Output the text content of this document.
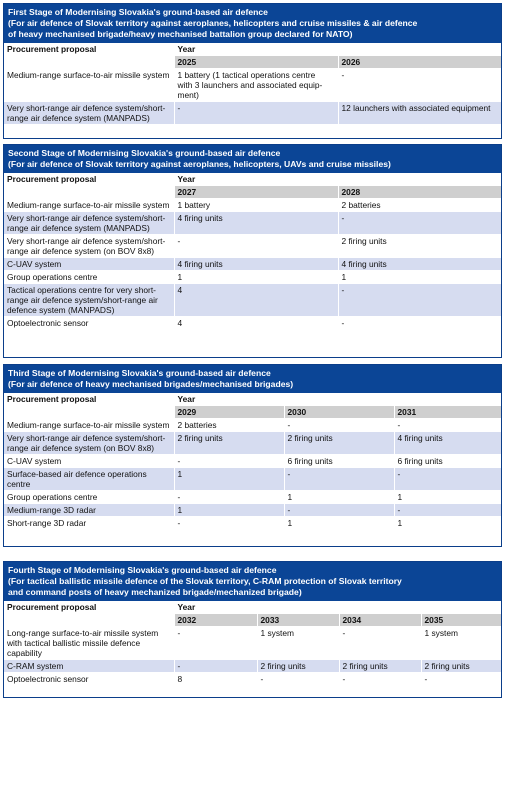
First Stage of Modernising Slovakia's ground-based air defence
(For air defence of Slovak territory against aeroplanes, helicopters and cruise missiles & air defence
of heavy mechanised brigade/heavy mechanised battalion group declared for NATO)
Procurement proposal	Year	
	2025	2026
Medium-range surface-to-air missile system	1 battery (1 tactical operations centre
with 3 launchers and associated equip-
ment)	-
Very short-range air defence system/short-
range air defence system (MANPADS)	-	12 launchers with associated equipment
Second Stage of Modernising Slovakia's ground-based air defence
(For air defence of Slovak territory against aeroplanes, helicopters, UAVs and cruise missiles)
Procurement proposal	Year	
	2027	2028
Medium-range surface-to-air missile system	1 battery	2 batteries
Very short-range air defence system/short-
range air defence system (MANPADS)	4 firing units	-
Very short-range air defence system/short-
range air defence system (on BOV 8x8)	-	2 firing units
C-UAV system	4 firing units	4 firing units
Group operations centre	1	1
Tactical operations centre for very short-
range air defence system/short-range air
defence system (MANPADS)	4	-
Optoelectronic sensor	4	-
Third Stage of Modernising Slovakia's ground-based air defence
(For air defence of heavy mechanised brigades/mechanised brigades)
Procurement proposal	Year		
	2029	2030	2031
Medium-range surface-to-air missile system	2 batteries	-	-
Very short-range air defence system/short-
range air defence system (on BOV 8x8)	2 firing units	2 firing units	4 firing units
C-UAV system	-	6 firing units	6 firing units
Surface-based air defence operations centre	1	-	-
Group operations centre	-	1	1
Medium-range 3D radar	1	-	-
Short-range 3D radar	-	1	1
Fourth Stage of Modernising Slovakia's ground-based air defence
(For tactical ballistic missile defence of the Slovak territory, C-RAM protection of Slovak territory
and command posts of heavy mechanized brigade/mechanized brigade)
Procurement proposal	Year			
	2032	2033	2034	2035
Long-range surface-to-air missile system
with tactical ballistic missile defence
capability	-	1 system	-	1 system
C-RAM system	-	2 firing units	2 firing units	2 firing units
Optoelectronic sensor	8	-	-	-
